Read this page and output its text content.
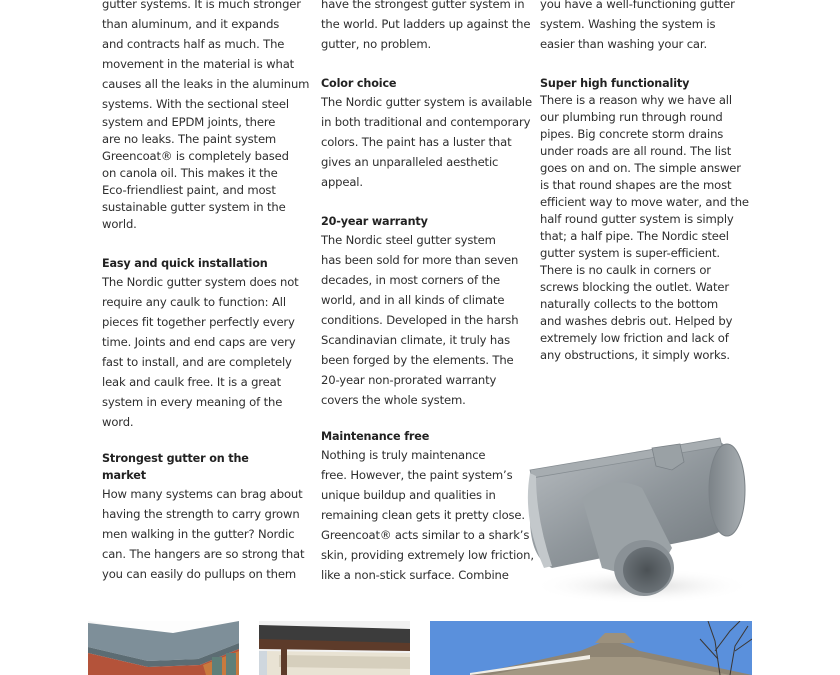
gutter systems. It is much stronger
than aluminum, and it expands
and contracts half as much. The
movement in the material is what
causes all the leaks in the aluminum
systems. With the sectional steel
system and EPDM joints, there
are no leaks. The paint system
Greencoat® is completely based
on canola oil. This makes it the
Eco-friendliest paint, and most
sustainable gutter system in the
world.

Easy and quick installation

The Nordic gutter system does not
require any caulk to function: All
pieces fit together perfectly every
time. Joints and end caps are very
fast to install, and are completely
leak and caulk free. It is a great
system in every meaning of the
word.

Strongest gutter on the
market

How many systems can brag about
having the strength to carry grown
men walking in the gutter? Nordic
can. The hangers are so strong that
you can easily do pullups on them
have the strongest gutter system in
the world. Put ladders up against the
gutter, no problem.

Color choice

The Nordic gutter system is available
in both traditional and contemporary
colors. The paint has a luster that
gives an unparalleled aesthetic
appeal.

20-year warranty

The Nordic steel gutter system
has been sold for more than seven
decades, in most corners of the
world, and in all kinds of climate
conditions. Developed in the harsh
Scandinavian climate, it truly has
been forged by the elements. The
20-year non-prorated warranty
covers the whole system.

Maintenance free

Nothing is truly maintenance
free. However, the paint system’s
unique buildup and qualities in
remaining clean gets it pretty close.
Greencoat® acts similar to a shark’s
skin, providing extremely low friction,
like a non-stick surface. Combine
you have a well-functioning gutter
system. Washing the system is
easier than washing your car.

Super high functionality

There is a reason why we have all
our plumbing run through round
pipes. Big concrete storm drains
under roads are all round. The list
goes on and on. The simple answer
is that round shapes are the most
efficient way to move water, and the
half round gutter system is simply
that; a half pipe. The Nordic steel
gutter system is super-efficient.
There is no caulk in corners or
screws blocking the outlet. Water
naturally collects to the bottom
and washes debris out. Helped by
extremely low friction and lack of
any obstructions, it simply works.
